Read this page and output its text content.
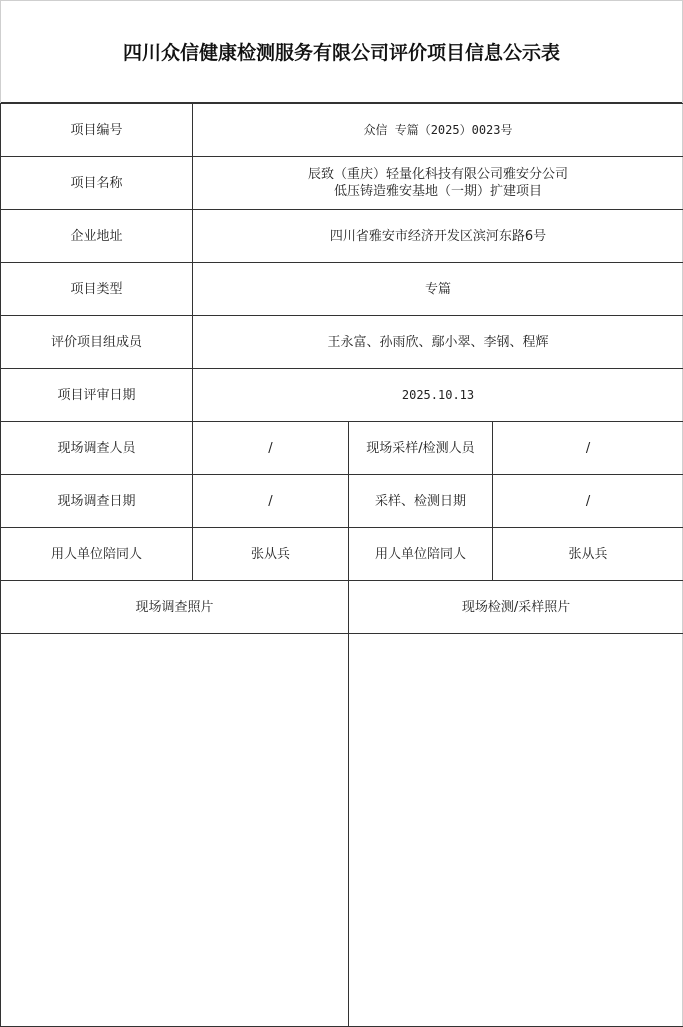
四川众信健康检测服务有限公司评价项目信息公示表
项目编号	众信 专篇（2025）0023号		
项目名称	辰致（重庆）轻量化科技有限公司雅安分公司
低压铸造雅安基地（一期）扩建项目		

企业地址	四川省雅安市经济开发区滨河东路6号		
项目类型	专篇		
评价项目组成员	王永富、孙雨欣、鄢小翠、李钢、程辉		
项目评审日期	2025.10.13		
现场调查人员	/	现场采样/检测人员	/
现场调查日期	/	采样、检测日期	/
用人单位陪同人	张从兵	用人单位陪同人	张从兵
现场调查照片		现场检测/采样照片	
